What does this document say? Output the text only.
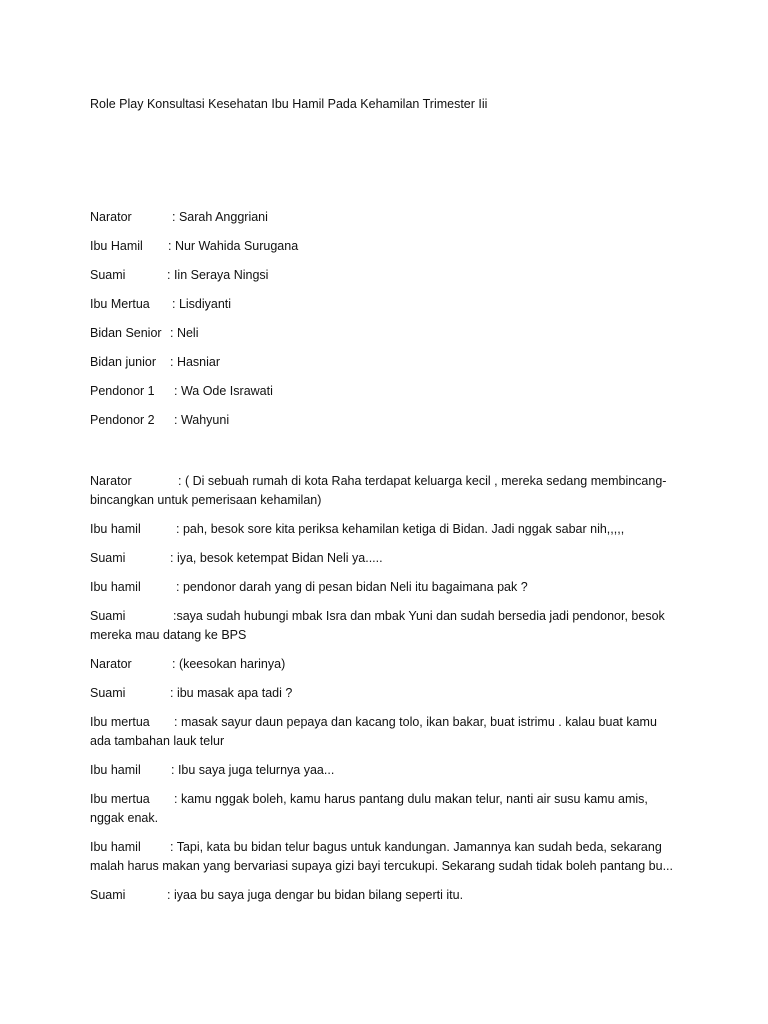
Role Play Konsultasi Kesehatan Ibu Hamil Pada Kehamilan Trimester Iii
Narator	: Sarah Anggriani
Ibu Hamil : Nur Wahida Surugana
Suami	: Iin Seraya Ningsi
Ibu Mertua : Lisdiyanti
Bidan Senior : Neli
Bidan junior : Hasniar
Pendonor 1 : Wa Ode Israwati
Pendonor 2 : Wahyuni
Narator	: ( Di sebuah rumah di kota Raha terdapat keluarga kecil , mereka sedang membincang-bincangkan untuk pemerisaan kehamilan)
Ibu hamil	: pah, besok sore kita periksa kehamilan ketiga di Bidan. Jadi nggak sabar nih,,,,,
Suami	: iya, besok ketempat Bidan Neli ya.....
Ibu hamil	: pendonor darah yang di pesan bidan Neli itu bagaimana pak ?
Suami	:saya sudah hubungi mbak Isra dan mbak Yuni dan sudah bersedia jadi pendonor, besok mereka mau datang ke BPS
Narator	: (keesokan harinya)
Suami	: ibu masak apa tadi ?
Ibu mertua	: masak sayur daun pepaya dan kacang tolo, ikan bakar, buat istrimu . kalau buat kamu ada tambahan lauk telur
Ibu hamil	: Ibu saya juga telurnya yaa...
Ibu mertua	: kamu nggak boleh, kamu harus pantang dulu makan telur, nanti air susu kamu amis, nggak enak.
Ibu hamil	: Tapi, kata bu bidan telur bagus untuk kandungan. Jamannya kan sudah beda, sekarang malah harus makan yang bervariasi supaya gizi bayi tercukupi. Sekarang sudah tidak boleh pantang bu...
Suami	: iyaa bu saya juga dengar bu bidan bilang seperti itu.
